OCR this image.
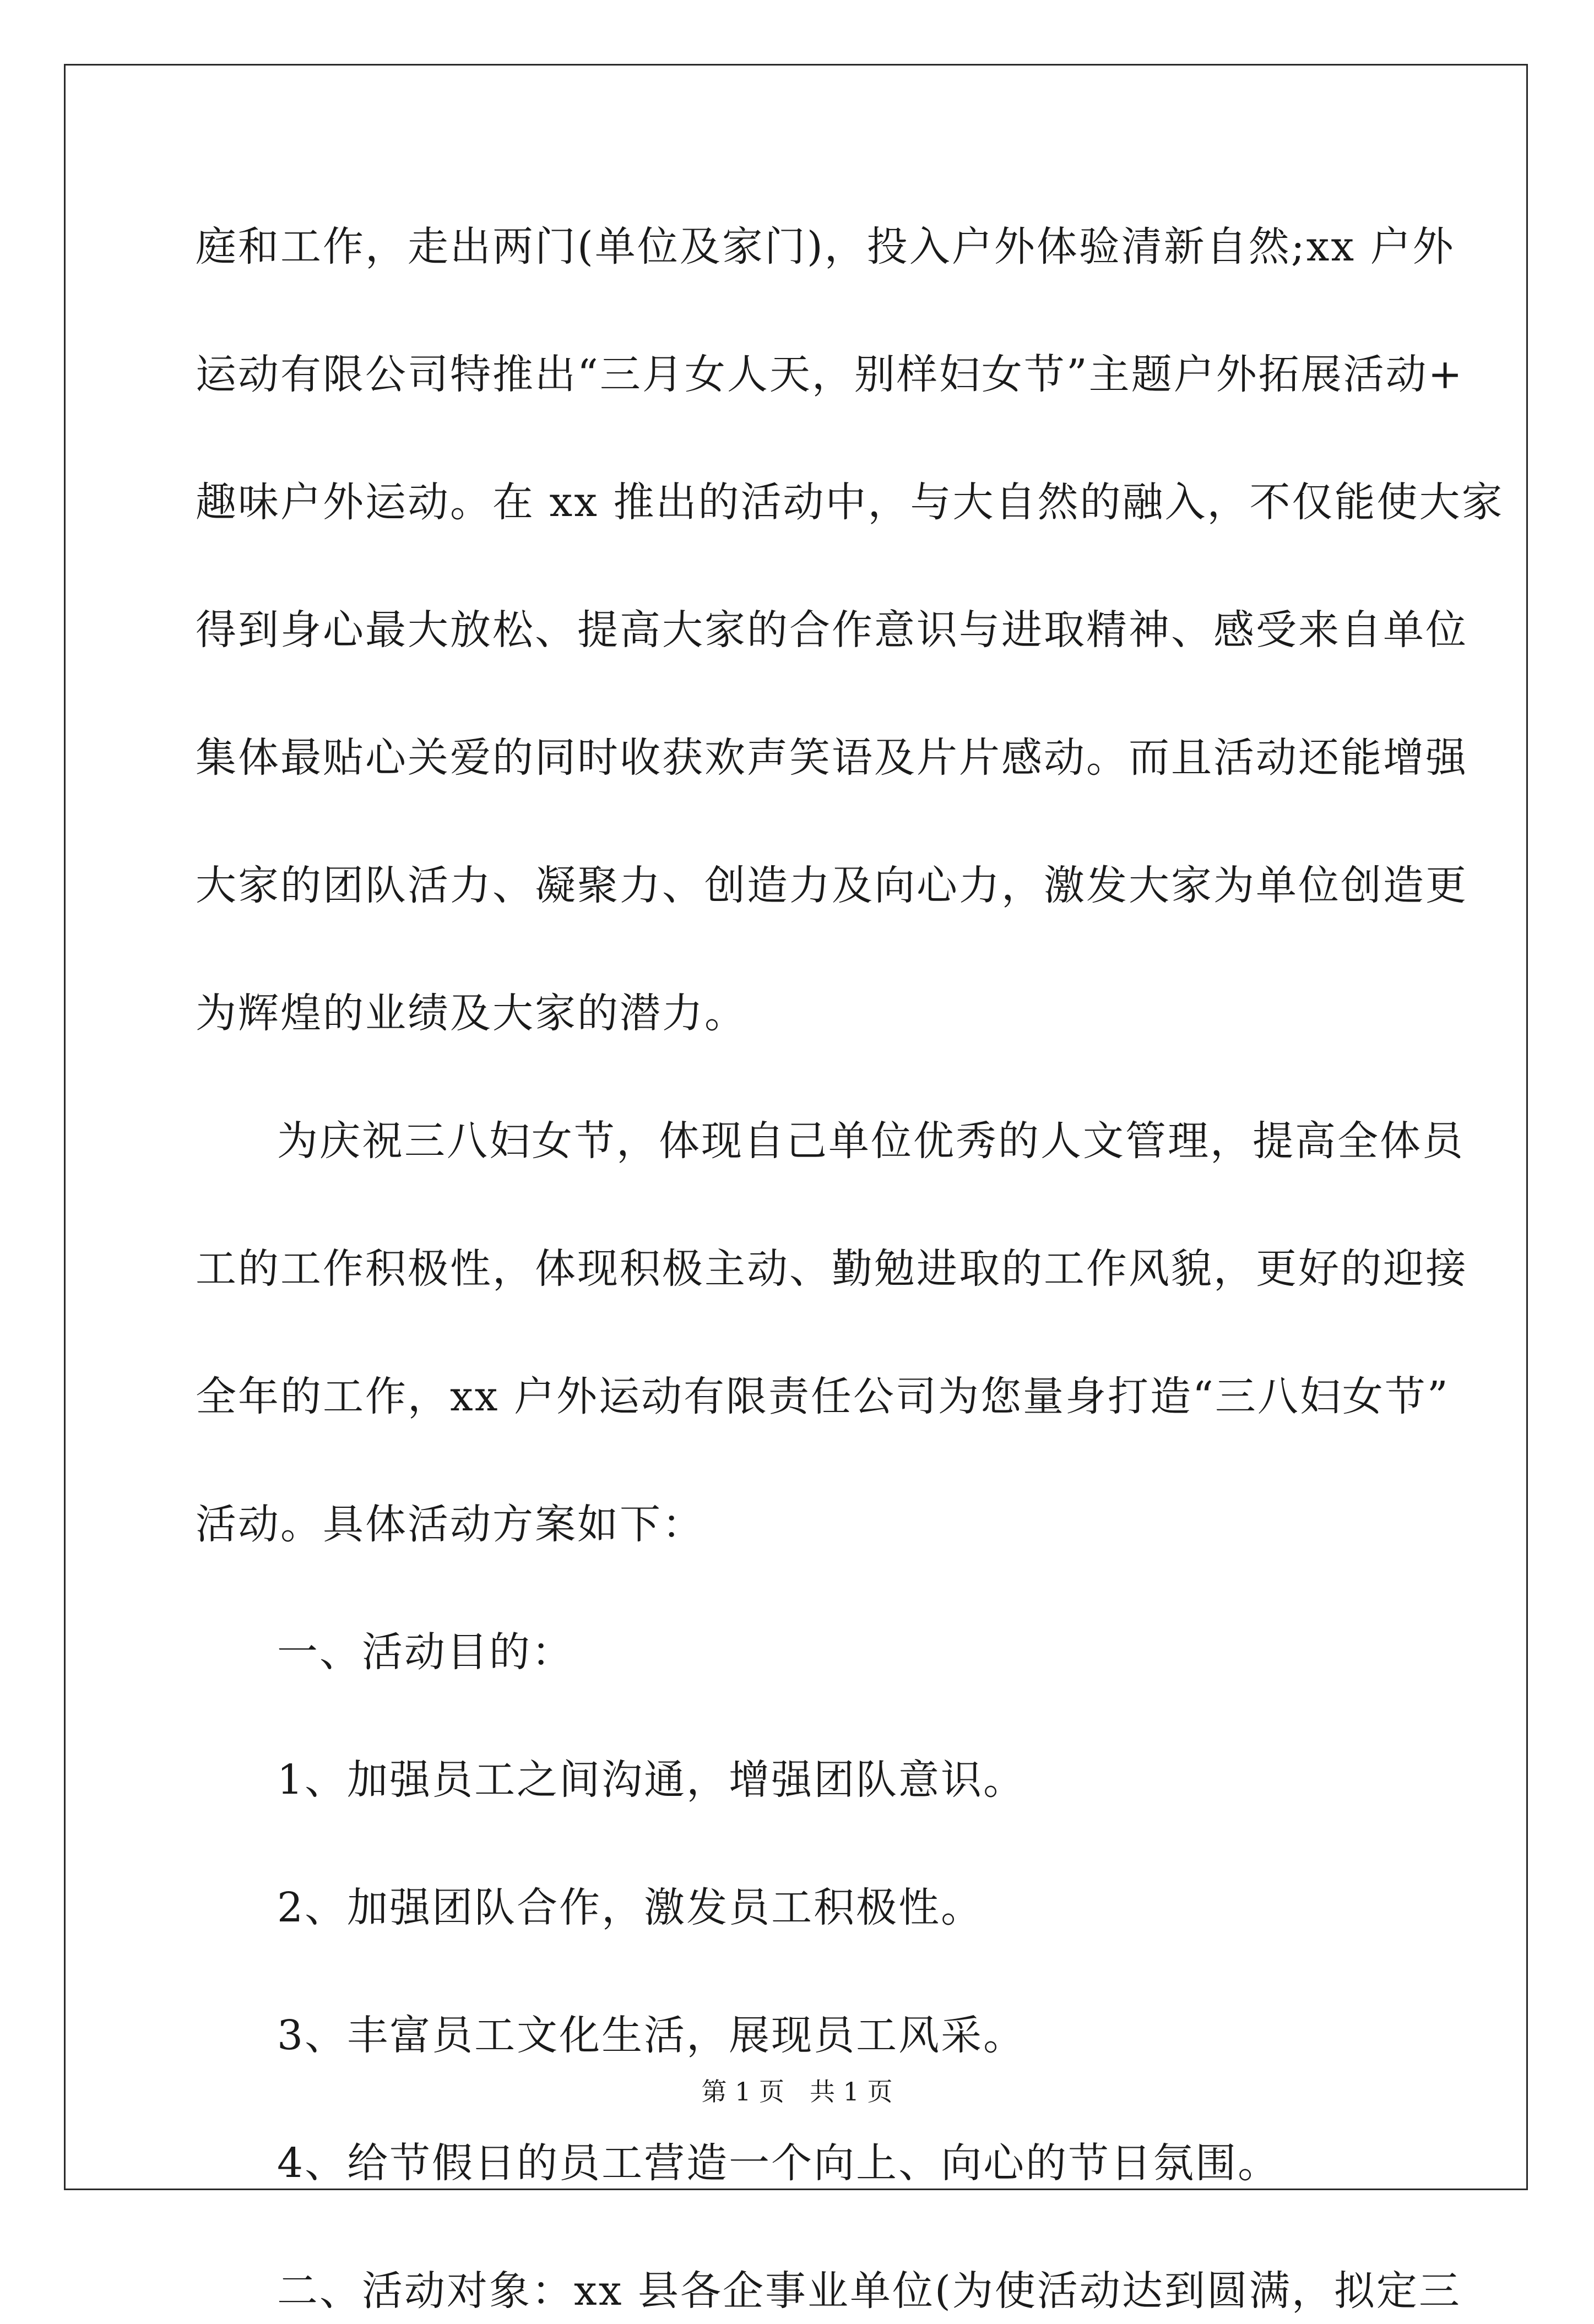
庭和工作，走出两门(单位及家门)，投入户外体验清新自然;xx 户外
运动有限公司特推出“三月女人天，别样妇女节”主题户外拓展活动+
趣味户外运动。在 xx 推出的活动中，与大自然的融入，不仅能使大家
得到身心最大放松、提高大家的合作意识与进取精神、感受来自单位
集体最贴心关爱的同时收获欢声笑语及片片感动。而且活动还能增强
大家的团队活力、凝聚力、创造力及向心力，激发大家为单位创造更
为辉煌的业绩及大家的潜力。
为庆祝三八妇女节，体现自己单位优秀的人文管理，提高全体员
工的工作积极性，体现积极主动、勤勉进取的工作风貌，更好的迎接
全年的工作，xx 户外运动有限责任公司为您量身打造“三八妇女节”
活动。具体活动方案如下：
一、活动目的：
1、加强员工之间沟通，增强团队意识。
2、加强团队合作，激发员工积极性。
3、丰富员工文化生活，展现员工风采。
4、给节假日的员工营造一个向上、向心的节日氛围。
二、活动对象：xx 县各企事业单位(为使活动达到圆满，拟定三
第 1 页　共 1 页
